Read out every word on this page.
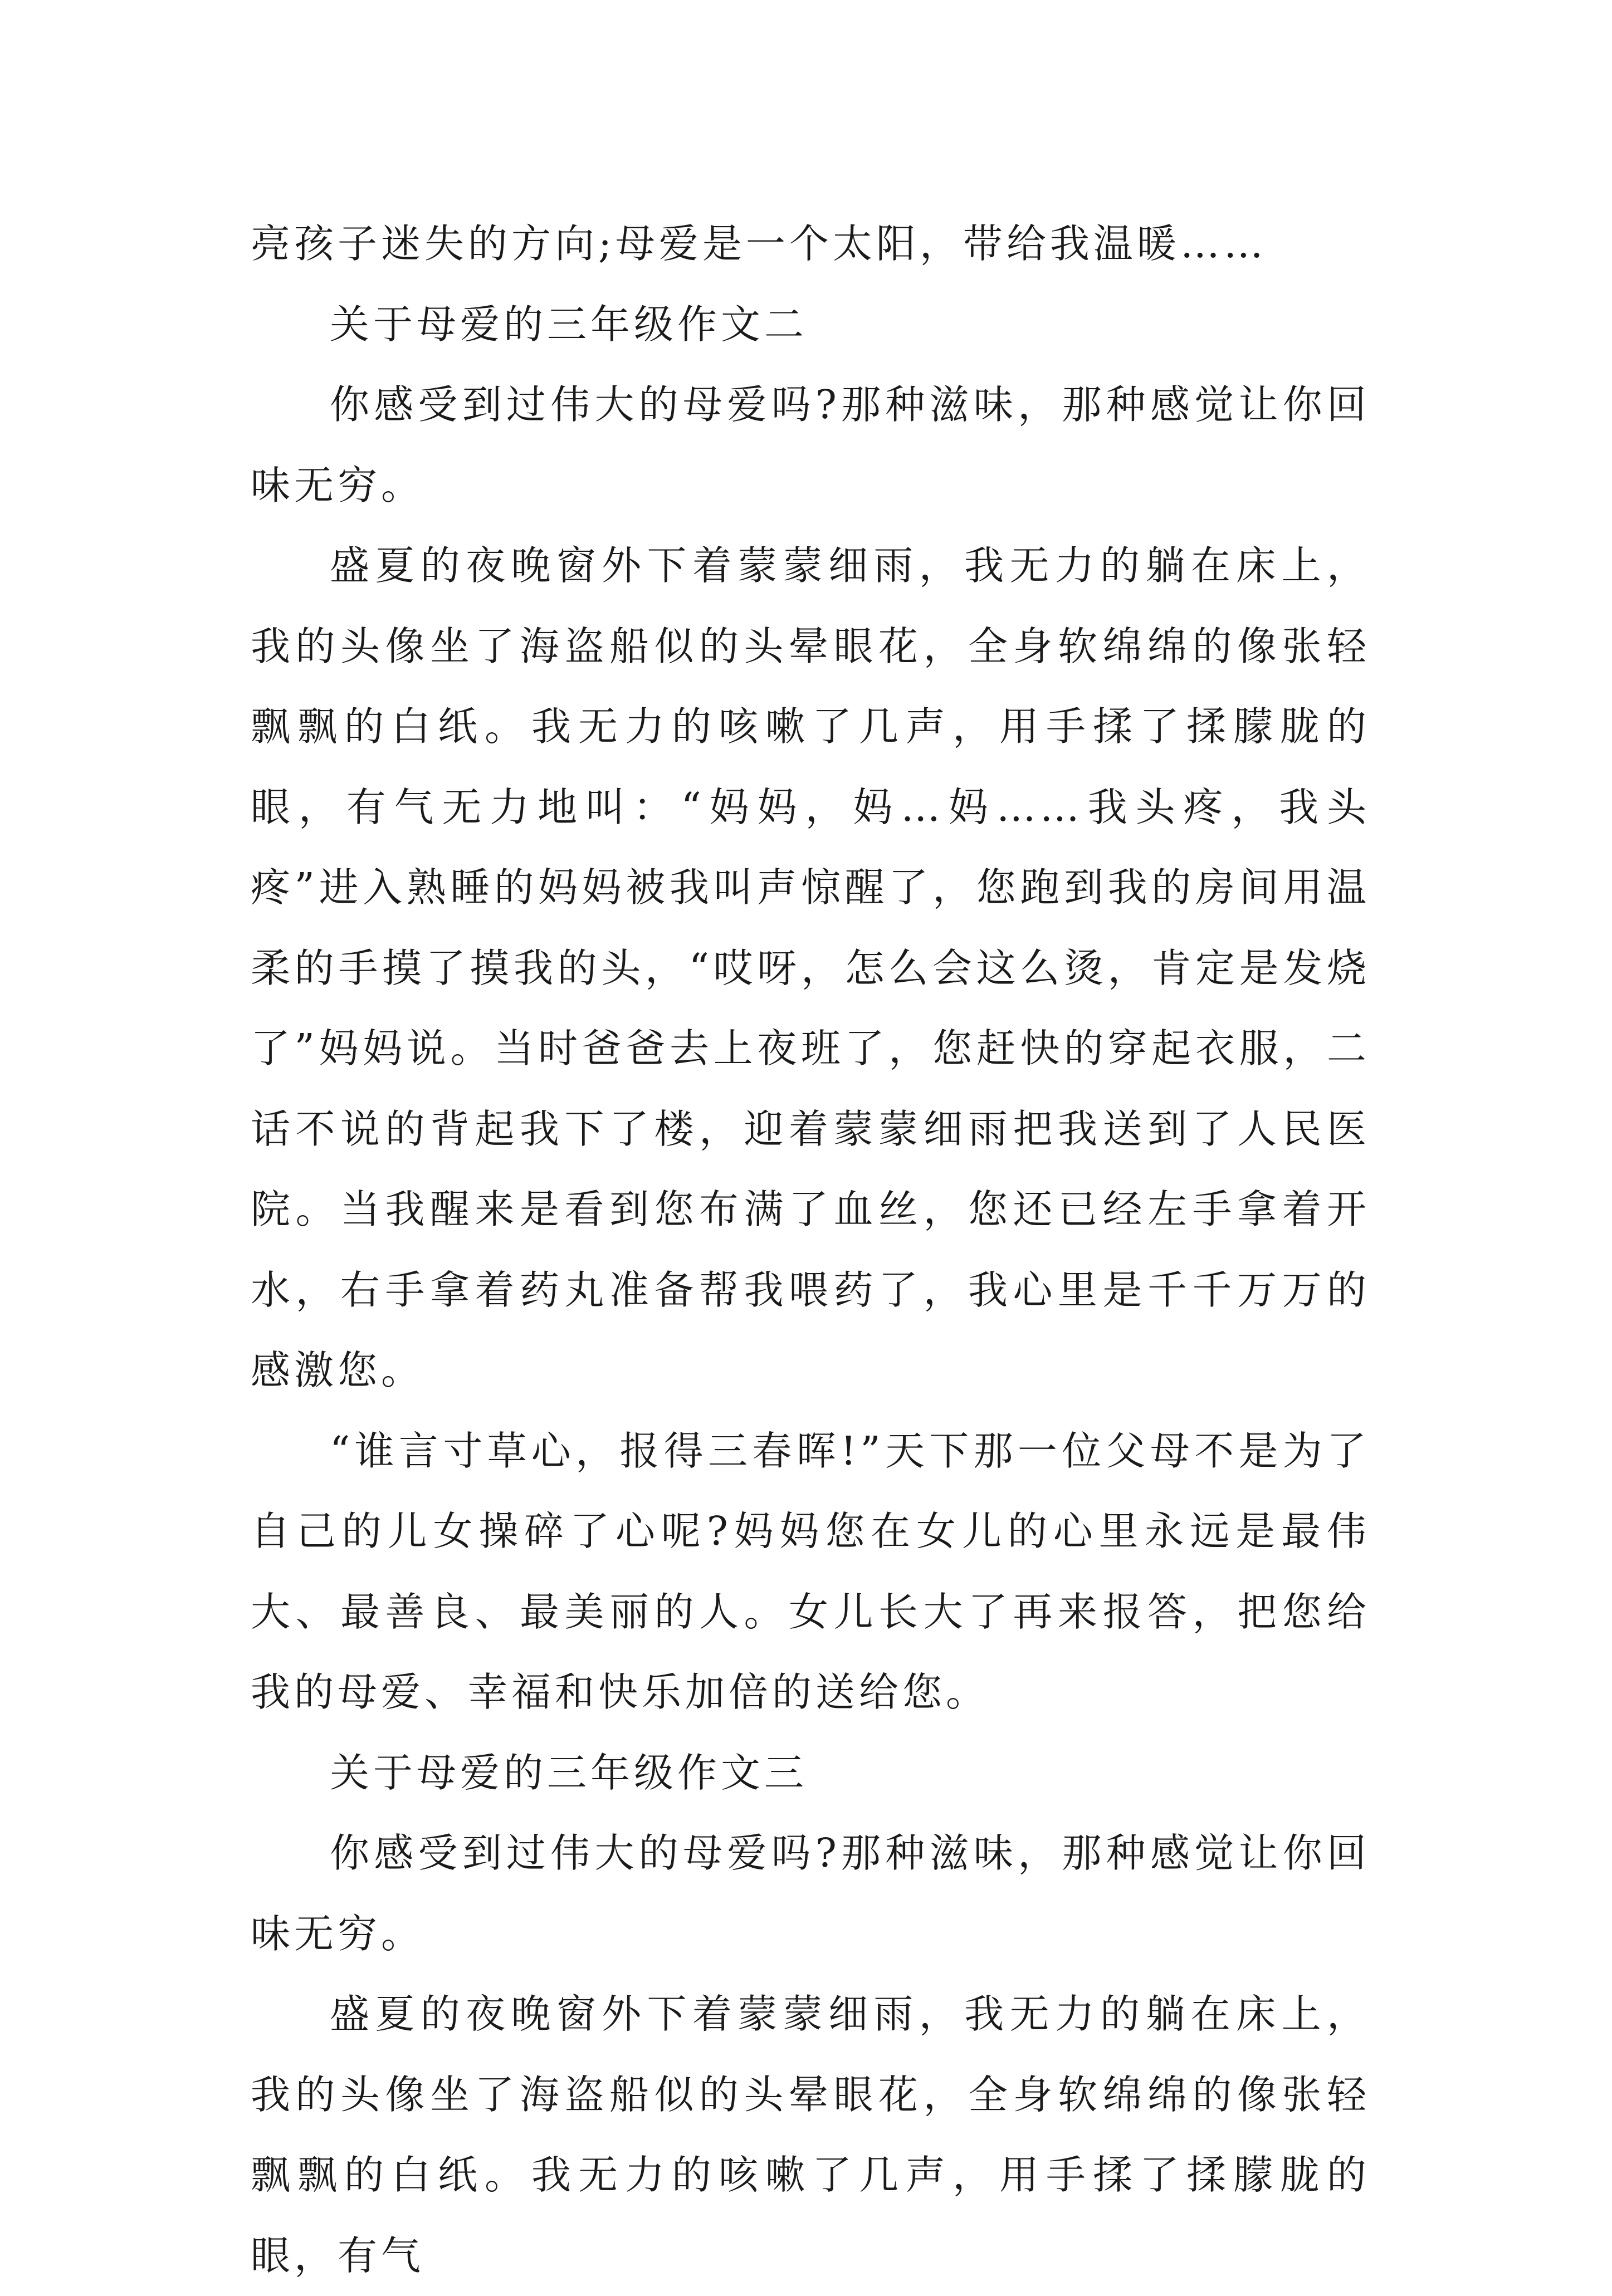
亮孩子迷失的方向;母爱是一个太阳，带给我温暖……

关于母爱的三年级作文二

你感受到过伟大的母爱吗?那种滋味，那种感觉让你回味无穷。

盛夏的夜晚窗外下着蒙蒙细雨，我无力的躺在床上，我的头像坐了海盗船似的头晕眼花，全身软绵绵的像张轻飘飘的白纸。我无力的咳嗽了几声，用手揉了揉朦胧的眼，有气无力地叫：“妈妈，妈…妈……我头疼，我头疼”进入熟睡的妈妈被我叫声惊醒了，您跑到我的房间用温柔的手摸了摸我的头，“哎呀，怎么会这么烫，肯定是发烧了”妈妈说。当时爸爸去上夜班了，您赶快的穿起衣服，二话不说的背起我下了楼，迎着蒙蒙细雨把我送到了人民医院。当我醒来是看到您布满了血丝，您还已经左手拿着开水，右手拿着药丸准备帮我喂药了，我心里是千千万万的感激您。

“谁言寸草心，报得三春晖!”天下那一位父母不是为了自己的儿女操碎了心呢?妈妈您在女儿的心里永远是最伟大、最善良、最美丽的人。女儿长大了再来报答，把您给我的母爱、幸福和快乐加倍的送给您。

关于母爱的三年级作文三

你感受到过伟大的母爱吗?那种滋味，那种感觉让你回味无穷。

盛夏的夜晚窗外下着蒙蒙细雨，我无力的躺在床上，我的头像坐了海盗船似的头晕眼花，全身软绵绵的像张轻飘飘的白纸。我无力的咳嗽了几声，用手揉了揉朦胧的眼，有气
